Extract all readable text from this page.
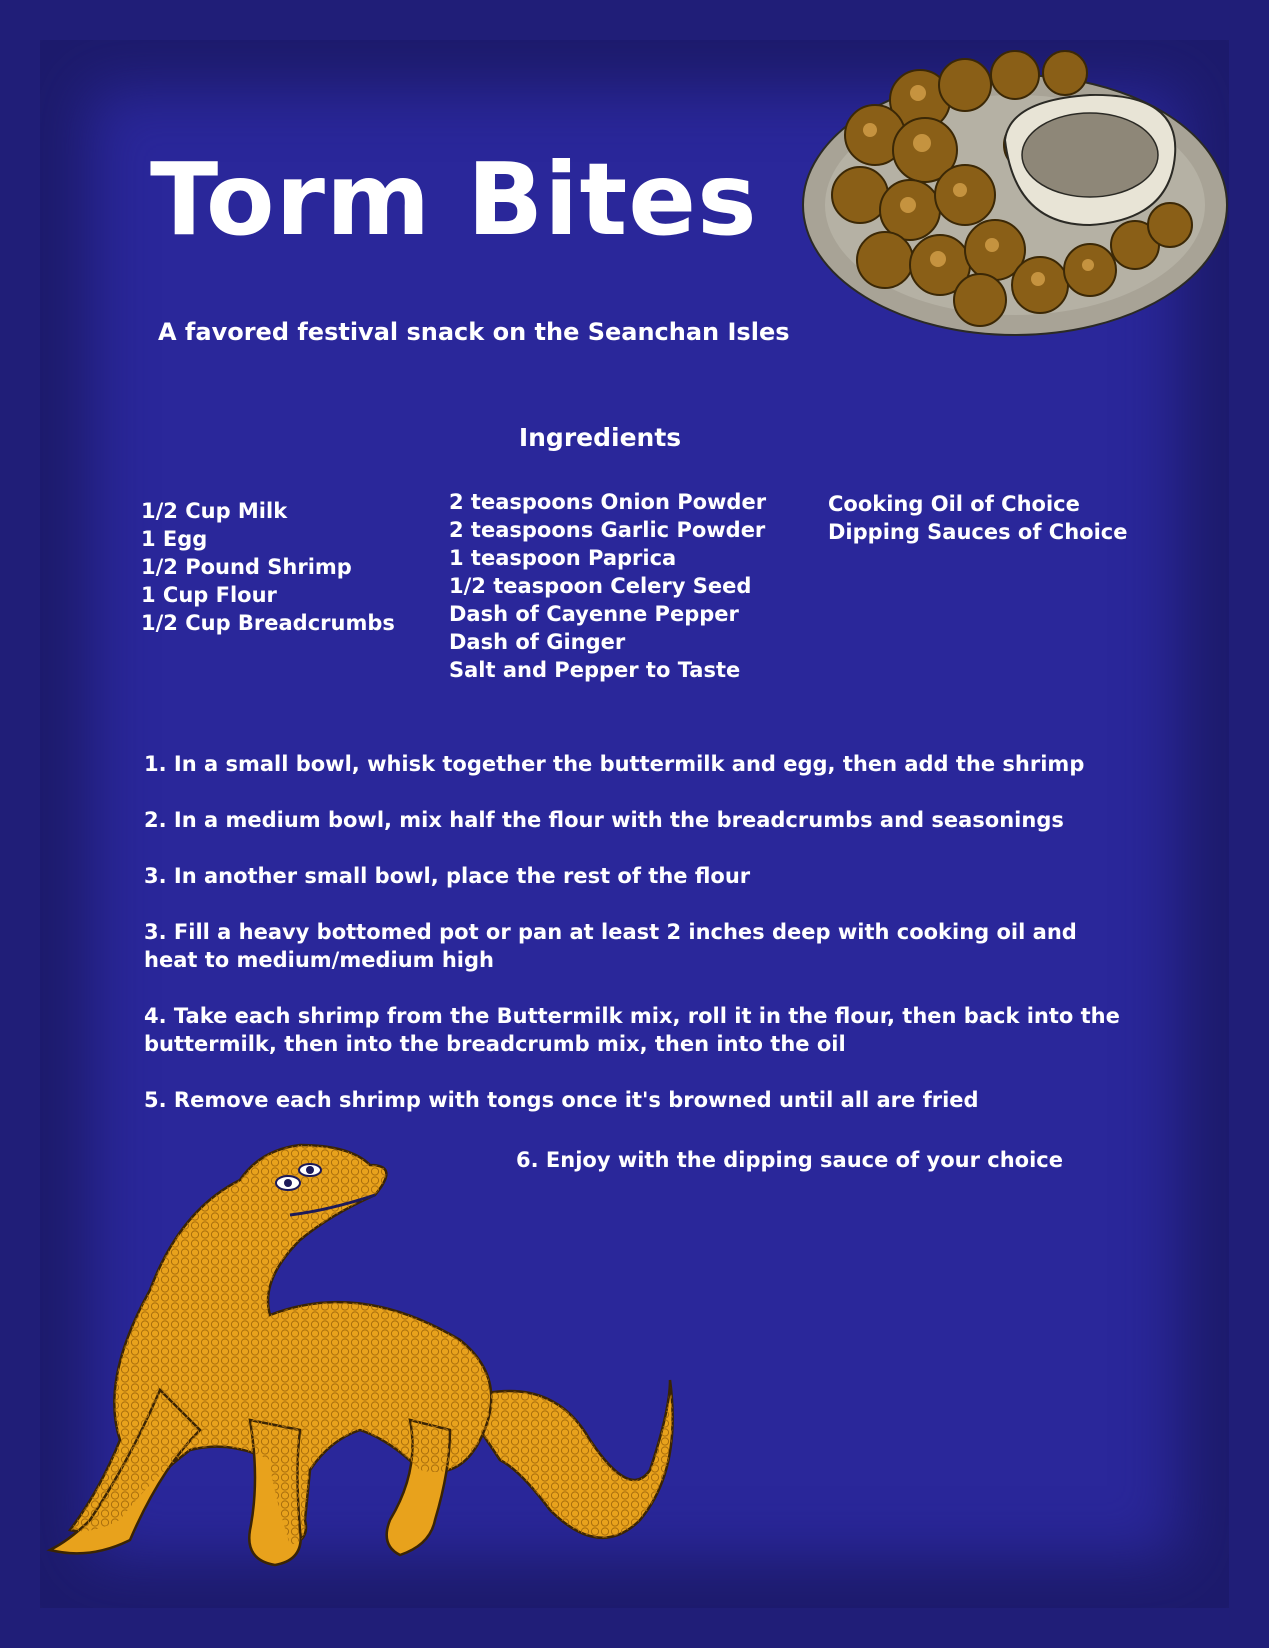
Torm Bites

A favored festival snack on the Seanchan Isles

Ingredients
1/2 Cup Milk
1 Egg
1/2 Pound Shrimp
1 Cup Flour
1/2 Cup Breadcrumbs
2 teaspoons Onion Powder
2 teaspoons Garlic Powder
1 teaspoon Paprica
1/2 teaspoon Celery Seed
Dash of Cayenne Pepper
Dash of Ginger
Salt and Pepper to Taste
Cooking Oil of Choice
Dipping Sauces of Choice
1. In a small bowl, whisk together the buttermilk and egg, then add the shrimp
2. In a medium bowl, mix half the flour with the breadcrumbs and seasonings
3. In another small bowl, place the rest of the flour
3. Fill a heavy bottomed pot or pan at least 2 inches deep with cooking oil and heat to medium/medium high
4. Take each shrimp from the Buttermilk mix, roll it in the flour, then back into the buttermilk, then into the breadcrumb mix, then into the oil
5. Remove each shrimp with tongs once it's browned until all are fried

6. Enjoy with the dipping sauce of your choice
